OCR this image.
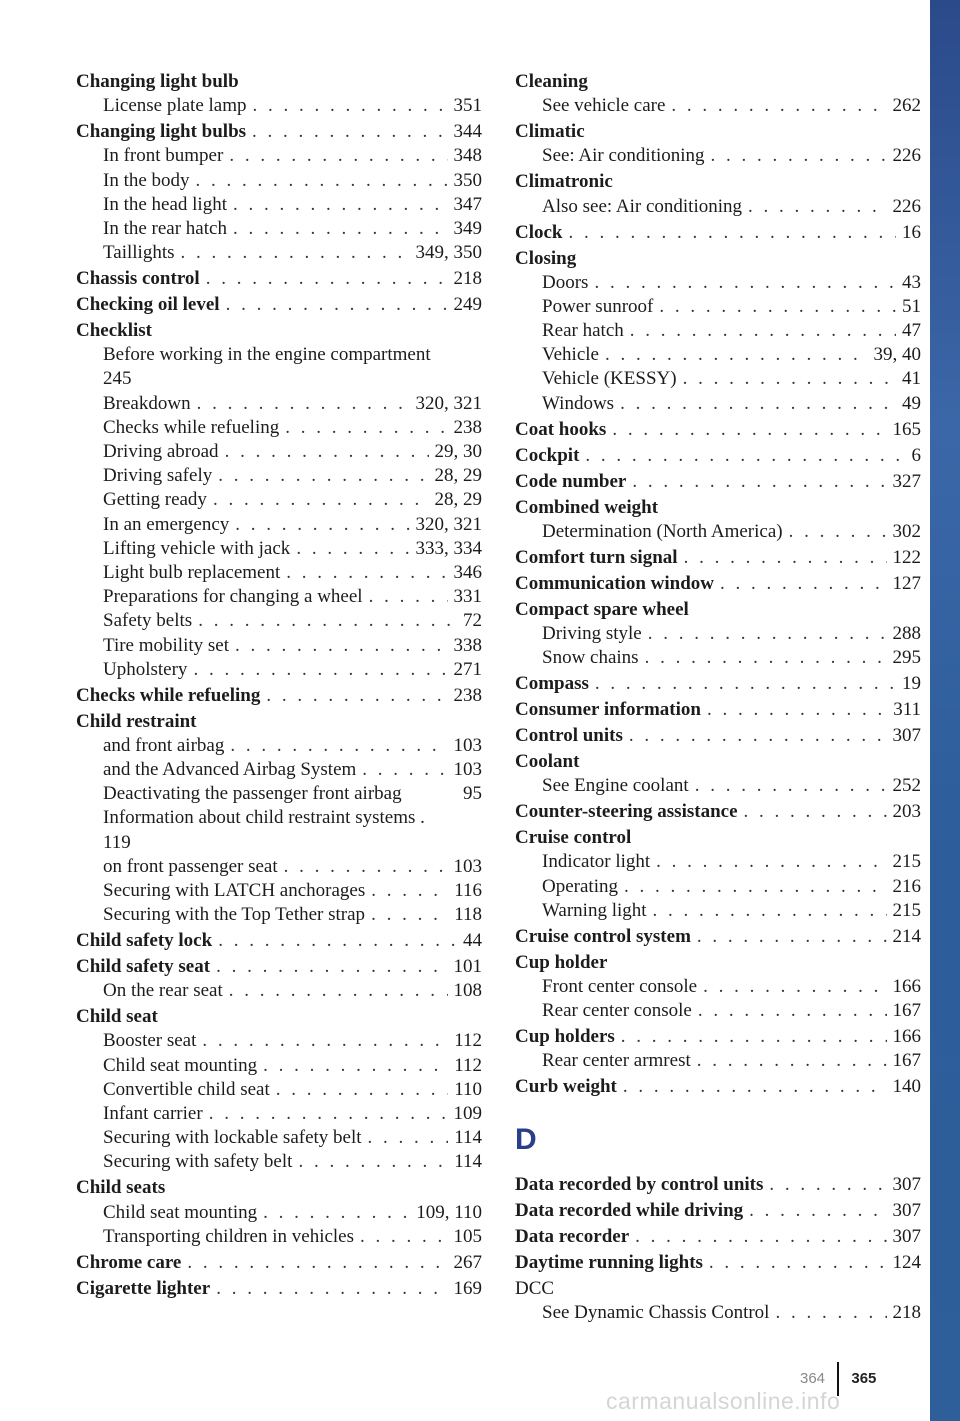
Changing light bulb
License plate lamp . . .	351
Changing light bulbs . . .	344
In front bumper . . .	348
In the body . . .	350
In the head light . . .	347
In the rear hatch . . .	349
Taillights . . .	349, 350
Chassis control . . .	218
Checking oil level . . .	249
Checklist
Before working in the engine compartment
245
Breakdown . . .	320, 321
Checks while refueling . . .	238
Driving abroad . . .	29, 30
Driving safely . . .	28, 29
Getting ready . . .	28, 29
In an emergency . . .	320, 321
Lifting vehicle with jack . . .	333, 334
Light bulb replacement . . .	346
Preparations for changing a wheel . . .	331
Safety belts . . .	72
Tire mobility set . . .	338
Upholstery . . .	271
Checks while refueling . . .	238
Child restraint
and front airbag . . .	103
and the Advanced Airbag System . . .	103
Deactivating the passenger front airbag	95
Information about child restraint systems .
119
on front passenger seat . . .	103
Securing with LATCH anchorages . . .	116
Securing with the Top Tether strap . . .	118
Child safety lock . . .	44
Child safety seat . . .	101
On the rear seat . . .	108
Child seat
Booster seat . . .	112
Child seat mounting . . .	112
Convertible child seat . . .	110
Infant carrier . . .	109
Securing with lockable safety belt . . .	114
Securing with safety belt . . .	114
Child seats
Child seat mounting . . .	109, 110
Transporting children in vehicles . . .	105
Chrome care . . .	267
Cigarette lighter . . .	169
Cleaning
See vehicle care . . .	262
Climatic
See: Air conditioning . . .	226
Climatronic
Also see: Air conditioning . . .	226
Clock . . .	16
Closing
Doors . . .	43
Power sunroof . . .	51
Rear hatch . . .	47
Vehicle . . .	39, 40
Vehicle (KESSY) . . .	41
Windows . . .	49
Coat hooks . . .	165
Cockpit . . .	6
Code number . . .	327
Combined weight
Determination (North America) . . .	302
Comfort turn signal . . .	122
Communication window . . .	127
Compact spare wheel
Driving style . . .	288
Snow chains . . .	295
Compass . . .	19
Consumer information . . .	311
Control units . . .	307
Coolant
See Engine coolant . . .	252
Counter-steering assistance . . .	203
Cruise control
Indicator light . . .	215
Operating . . .	216
Warning light . . .	215
Cruise control system . . .	214
Cup holder
Front center console . . .	166
Rear center console . . .	167
Cup holders . . .	166
Rear center armrest . . .	167
Curb weight . . .	140
D
Data recorded by control units . . .	307
Data recorded while driving . . .	307
Data recorder . . .	307
Daytime running lights . . .	124
DCC
See Dynamic Chassis Control . . .	218
364 365
carmanualsonline.info
